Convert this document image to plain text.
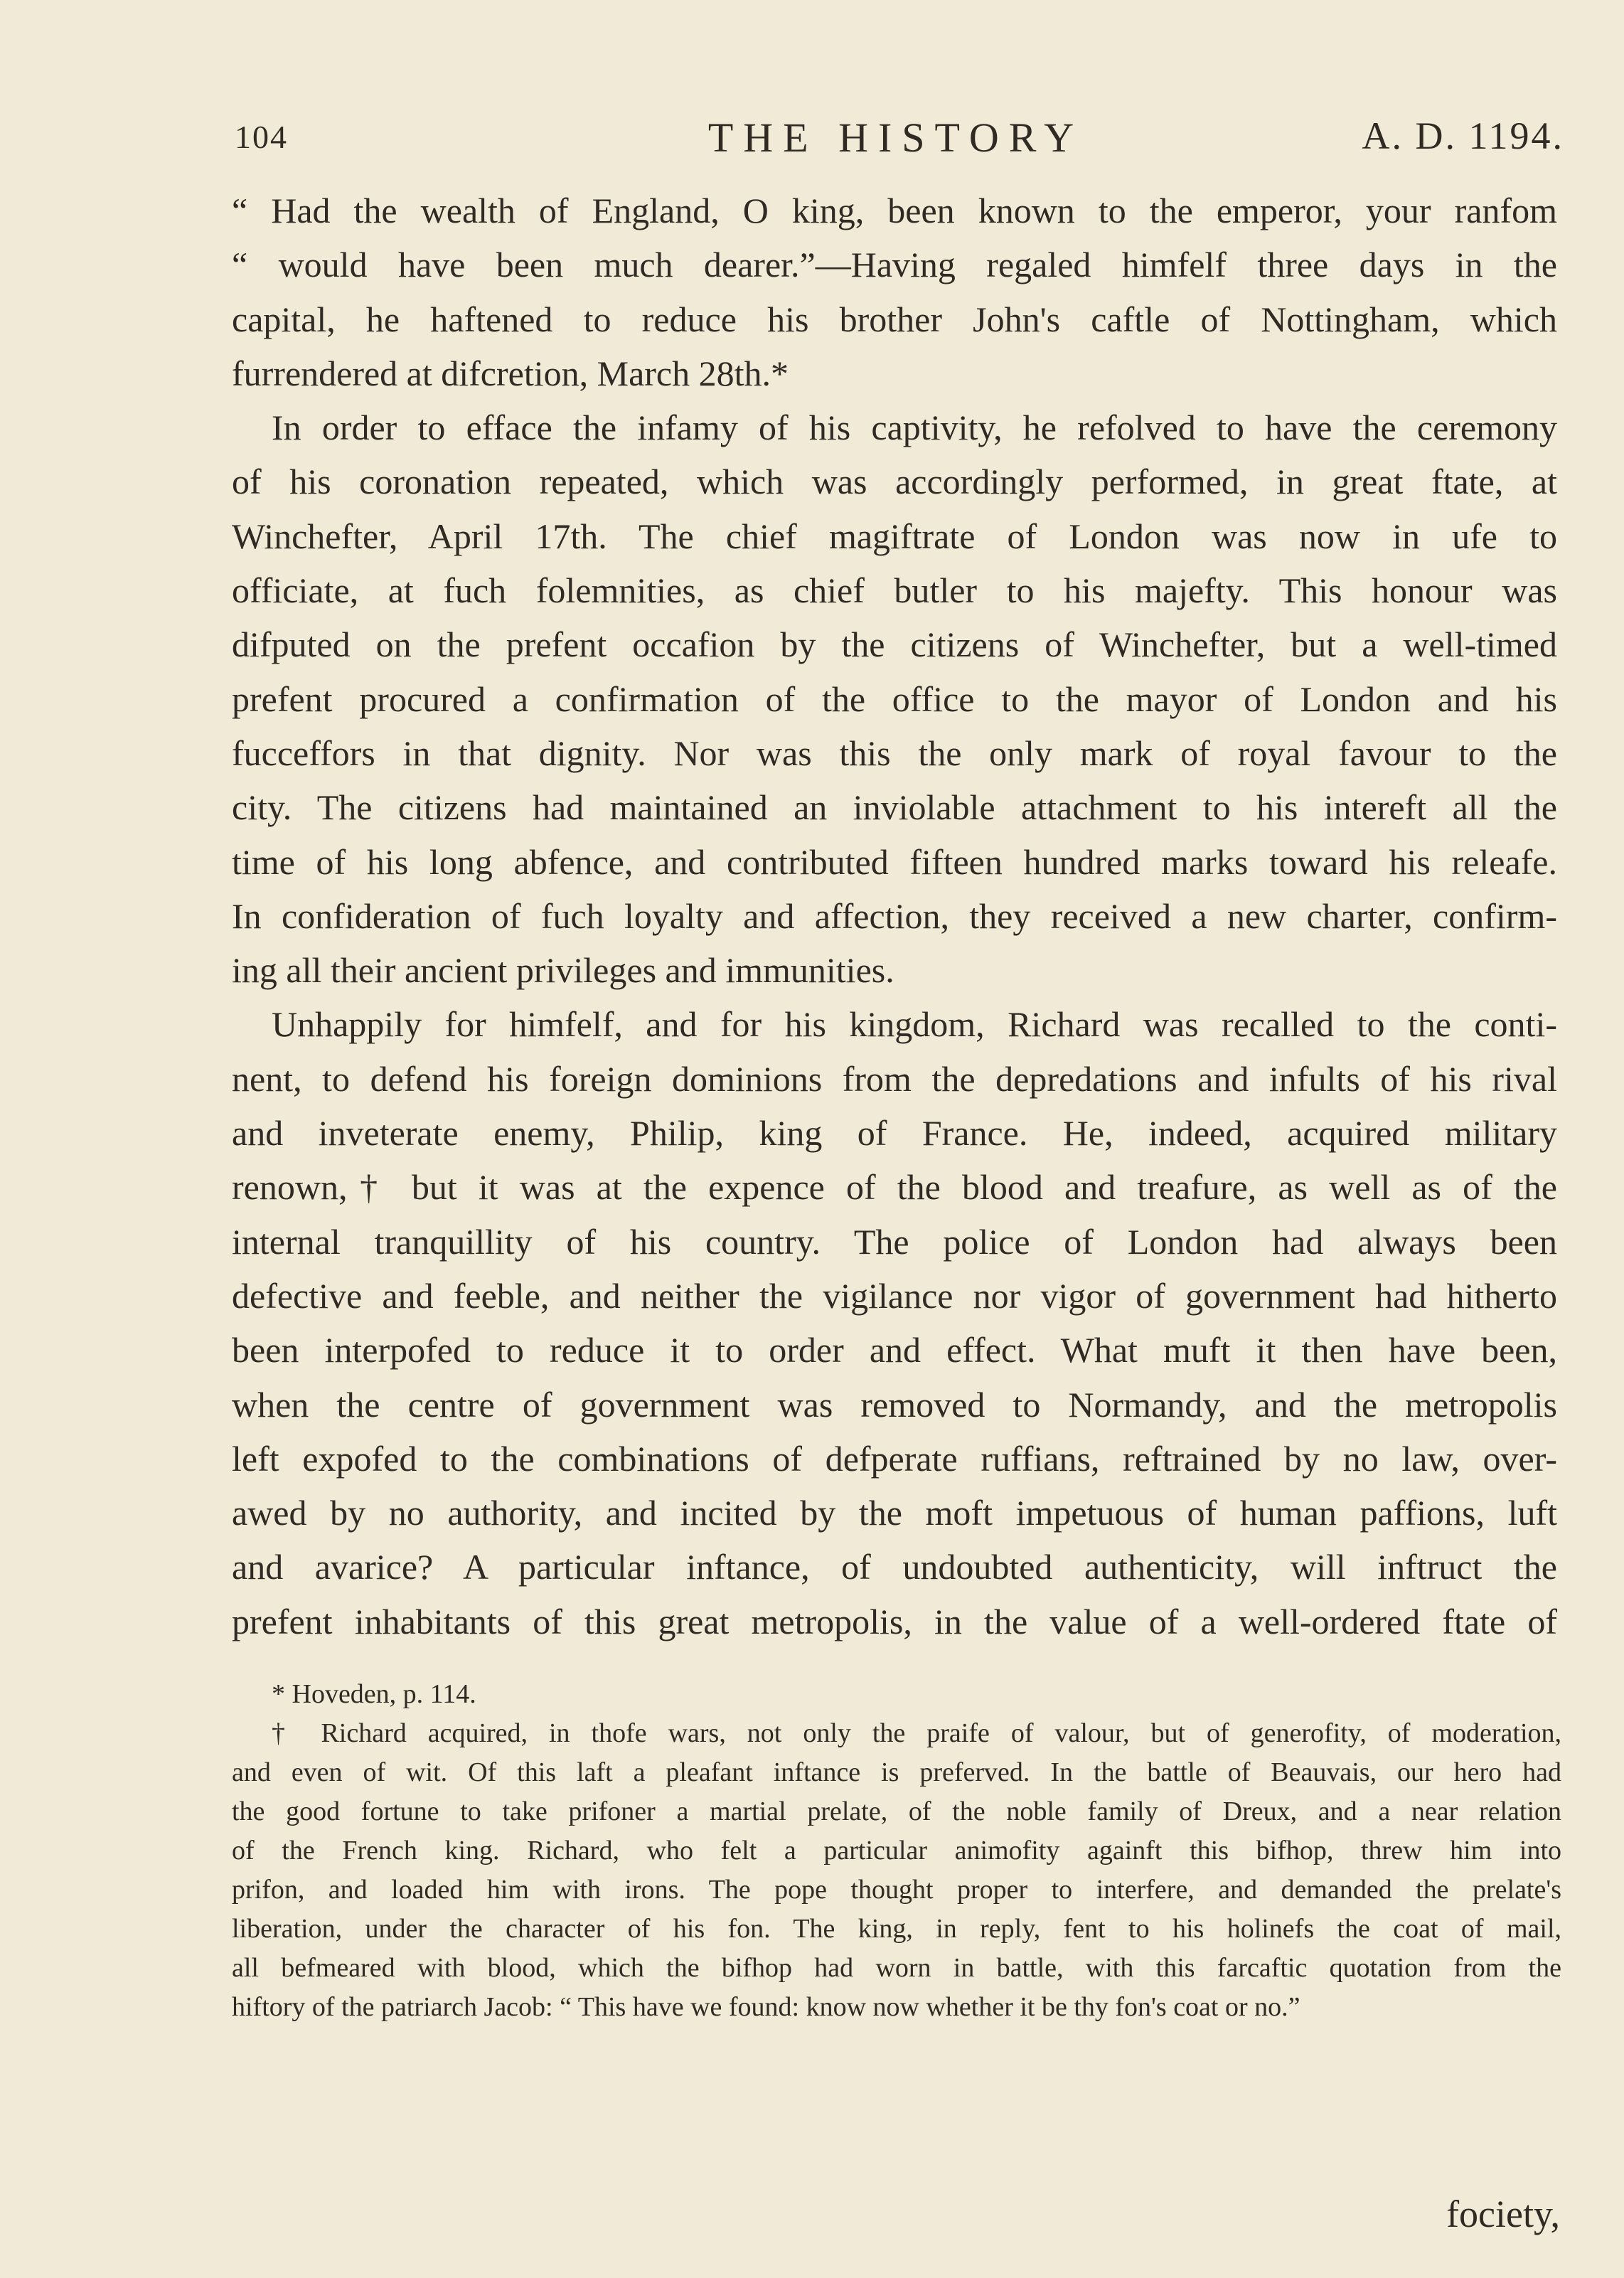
104	THE HISTORY	A. D. 1194.
“ Had the wealth of England, O king, been known to the emperor, your ranfom
“ would have been much dearer.”—Having regaled himfelf three days in the
capital, he haftened to reduce his brother John's caftle of Nottingham, which
furrendered at difcretion, March 28th.*
In order to efface the infamy of his captivity, he refolved to have the ceremony
of his coronation repeated, which was accordingly performed, in great ftate, at
Winchefter, April 17th. The chief magiftrate of London was now in ufe to
officiate, at fuch folemnities, as chief butler to his majefty. This honour was
difputed on the prefent occafion by the citizens of Winchefter, but a well-timed
prefent procured a confirmation of the office to the mayor of London and his
fucceffors in that dignity. Nor was this the only mark of royal favour to the
city. The citizens had maintained an inviolable attachment to his intereft all the
time of his long abfence, and contributed fifteen hundred marks toward his releafe.
In confideration of fuch loyalty and affection, they received a new charter, confirm-
ing all their ancient privileges and immunities.
Unhappily for himfelf, and for his kingdom, Richard was recalled to the conti-
nent, to defend his foreign dominions from the depredations and infults of his rival
and inveterate enemy, Philip, king of France. He, indeed, acquired military
renown,† but it was at the expence of the blood and treafure, as well as of the
internal tranquillity of his country. The police of London had always been
defective and feeble, and neither the vigilance nor vigor of government had hitherto
been interpofed to reduce it to order and effect. What muft it then have been,
when the centre of government was removed to Normandy, and the metropolis
left expofed to the combinations of defperate ruffians, reftrained by no law, over-
awed by no authority, and incited by the moft impetuous of human paffions, luft
and avarice? A particular inftance, of undoubted authenticity, will inftruct the
prefent inhabitants of this great metropolis, in the value of a well-ordered ftate of
* Hoveden, p. 114.
† Richard acquired, in thofe wars, not only the praife of valour, but of generofity, of moderation,
and even of wit. Of this laft a pleafant inftance is preferved. In the battle of Beauvais, our hero had
the good fortune to take prifoner a martial prelate, of the noble family of Dreux, and a near relation
of the French king. Richard, who felt a particular animofity againft this bifhop, threw him into
prifon, and loaded him with irons. The pope thought proper to interfere, and demanded the prelate's
liberation, under the character of his fon. The king, in reply, fent to his holinefs the coat of mail,
all befmeared with blood, which the bifhop had worn in battle, with this farcaftic quotation from the
hiftory of the patriarch Jacob: “ This have we found: know now whether it be thy fon's coat or no.”
fociety,
